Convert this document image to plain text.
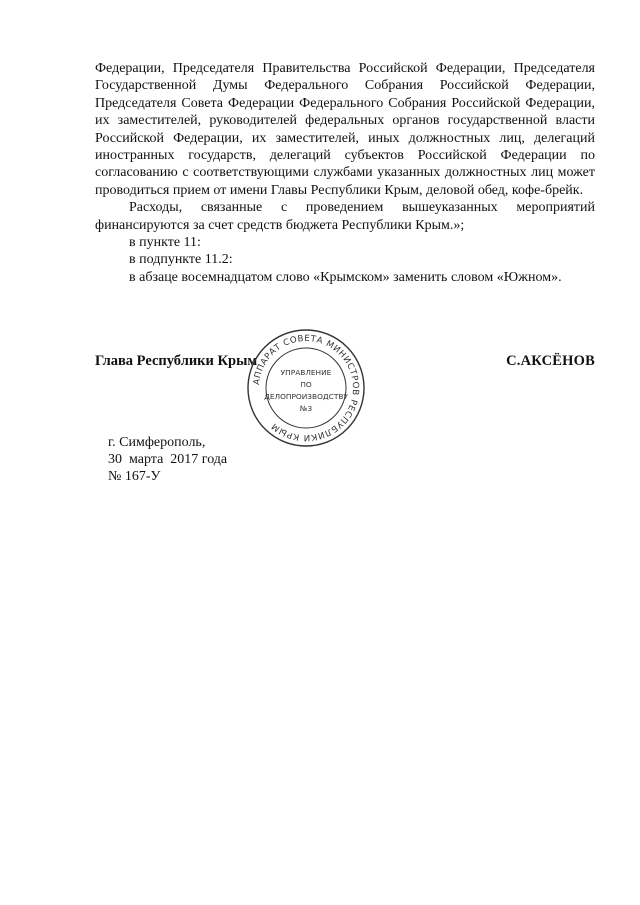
Федерации, Председателя Правительства Российской Федерации, Председателя Государственной Думы Федерального Собрания Российской Федерации, Председателя Совета Федерации Федерального Собрания Российской Федерации, их заместителей, руководителей федеральных органов государственной власти Российской Федерации, их заместителей, иных должностных лиц, делегаций иностранных государств, делегаций субъектов Российской Федерации по согласованию с соответствующими службами указанных должностных лиц может проводиться прием от имени Главы Республики Крым, деловой обед, кофе-брейк.

Расходы, связанные с проведением вышеуказанных мероприятий финансируются за счет средств бюджета Республики Крым.»;

в пункте 11:

в подпункте 11.2:

в абзаце восемнадцатом слово «Крымском» заменить словом «Южном».

Глава Республики Крым	С.АКСЁНОВ
АППАРАТ СОВЕТА МИНИСТРОВ РЕСПУБЛИКИ КРЫМ
УПРАВЛЕНИЕ
ПО
ДЕЛОПРОИЗВОДСТВУ
№3
г. Симферополь,
30  марта  2017 года
№ 167-У
